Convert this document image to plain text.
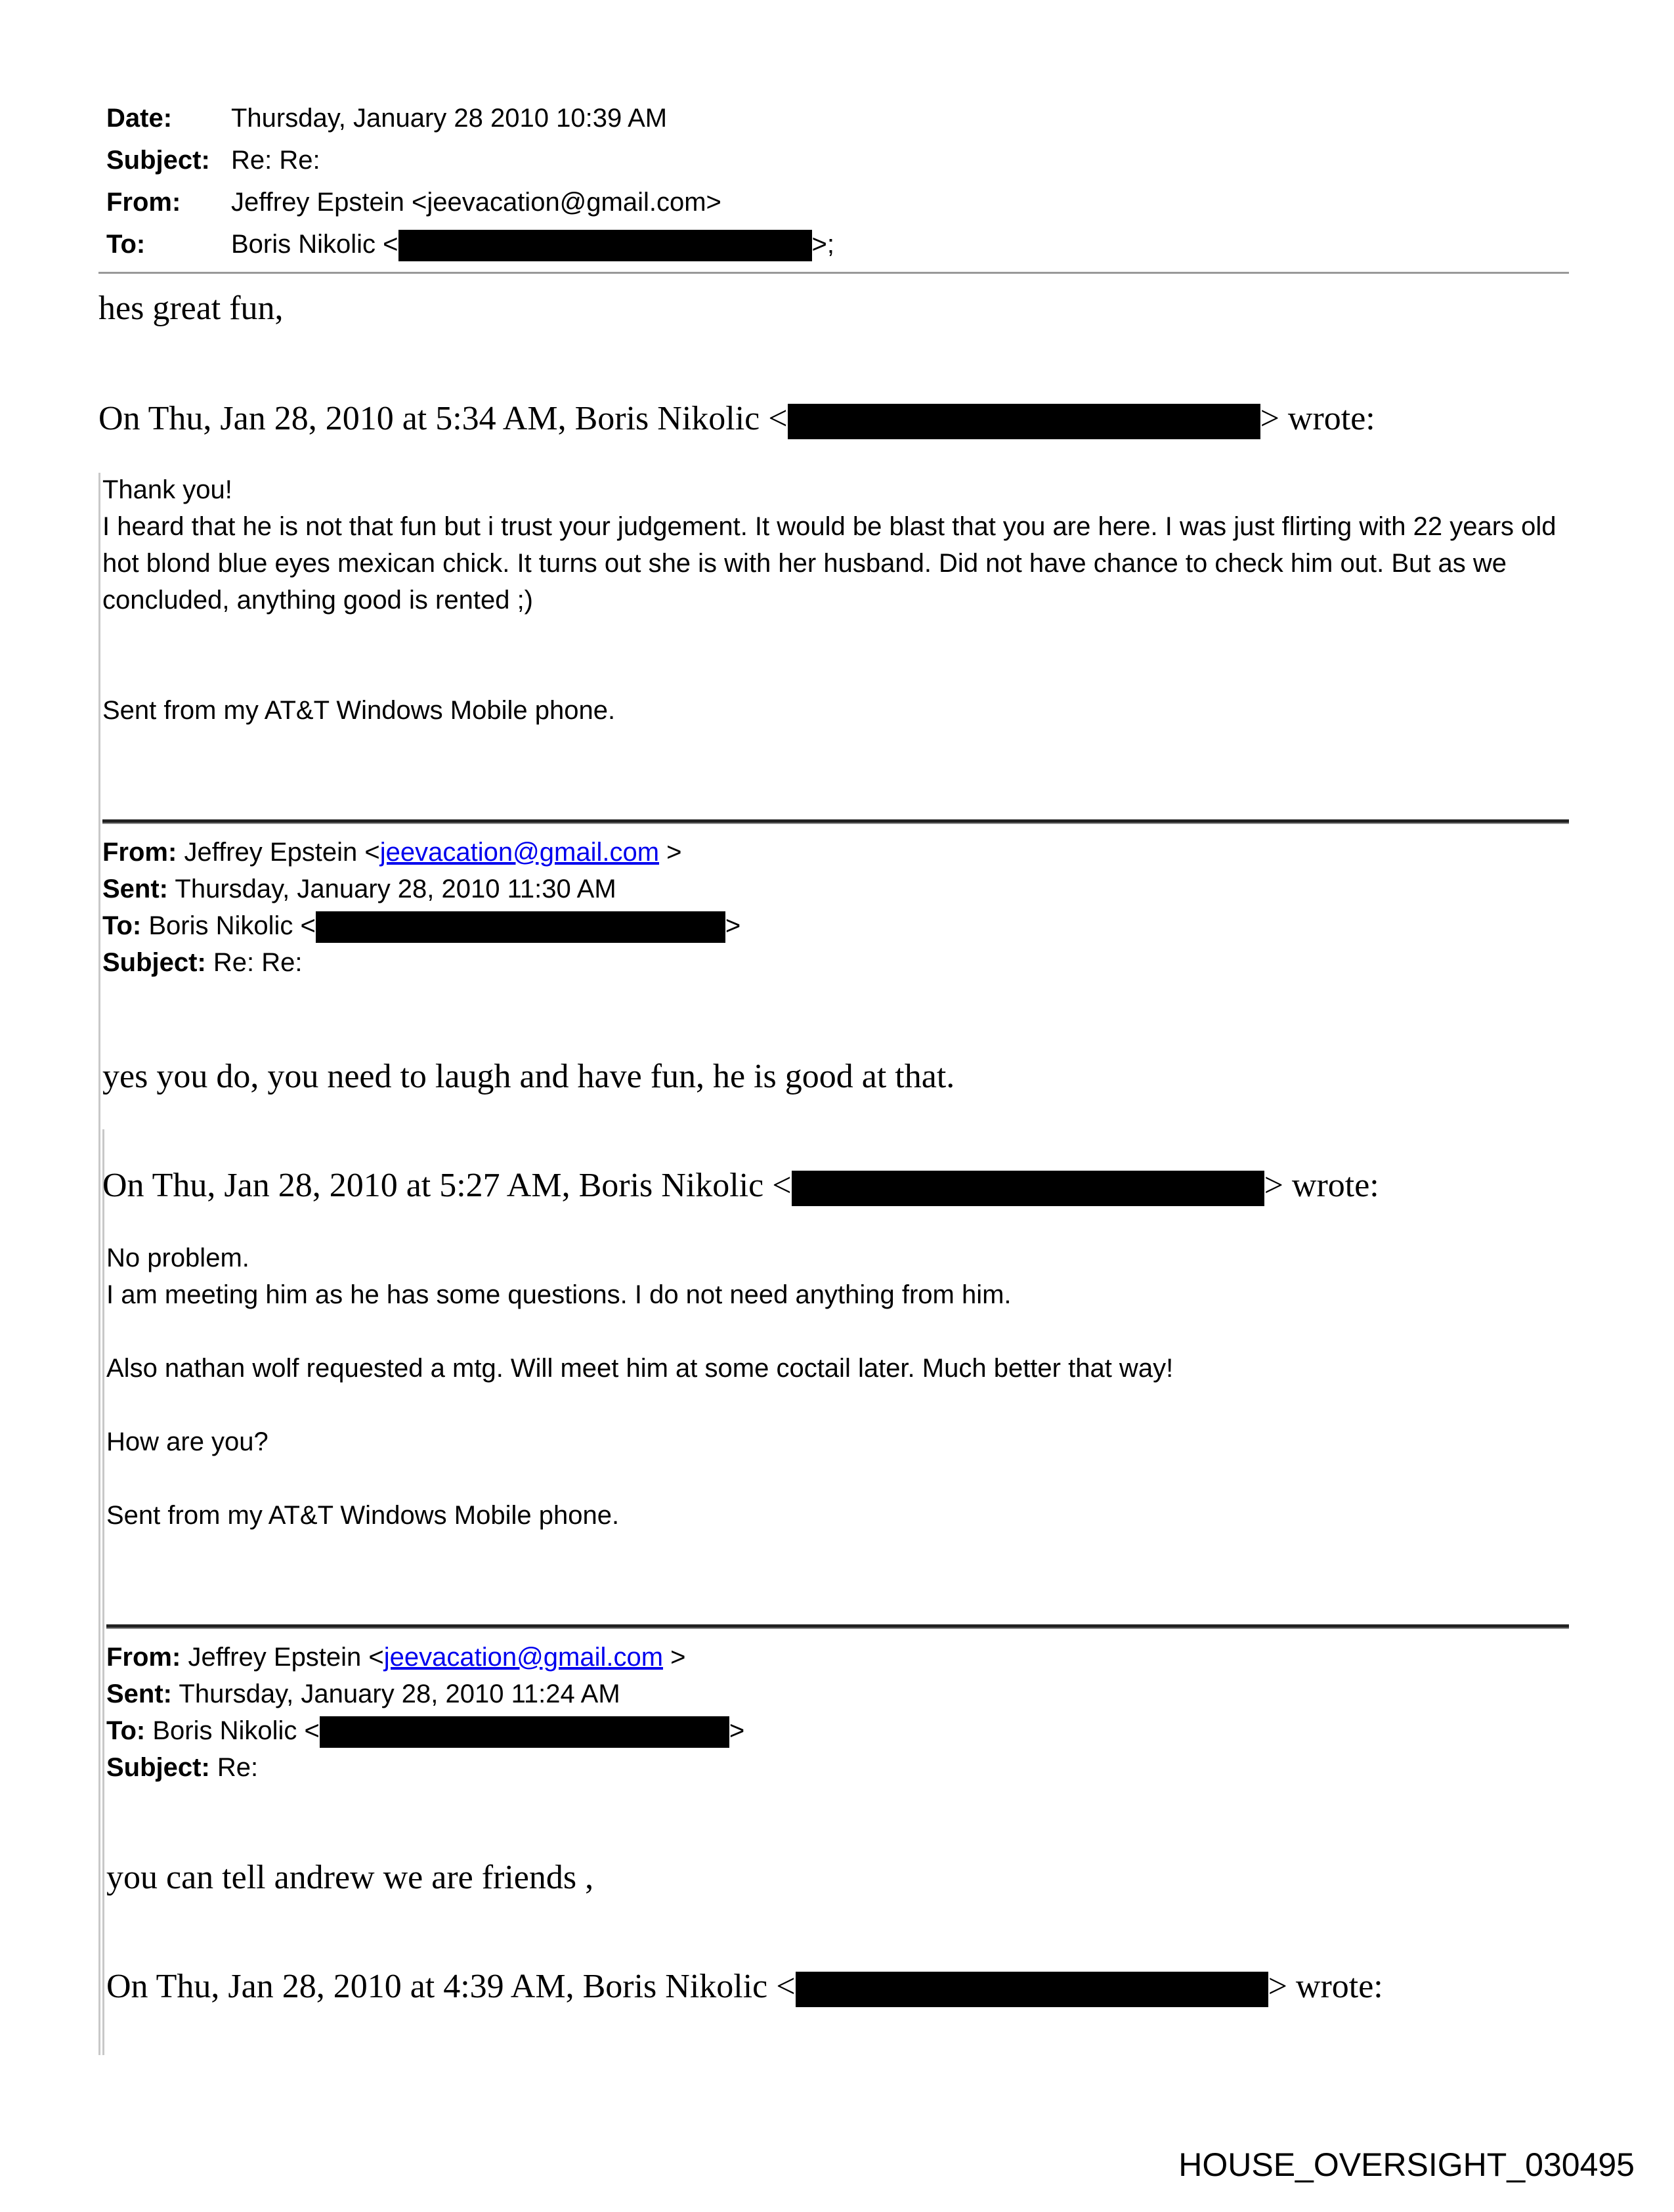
Date: Thursday, January 28 2010 10:39 AM
Subject: Re: Re:
From: Jeffrey Epstein <jeevacation@gmail.com>
To:	Boris Nikolic <	>;
hes great fun,
On Thu, Jan 28, 2010 at 5:34 AM, Boris Nikolic <	> wrote:
Thank you!
I heard that he is not that fun but i trust your judgement. It would be blast that you are here. I was just flirting with 22 years old
hot blond blue eyes mexican chick. It turns out she is with her husband. Did not have chance to check him out. But as we
concluded, anything good is rented ;)
Sent from my AT&T Windows Mobile phone.
From: Jeffrey Epstein <jeevacation@gmail.com >
Sent: Thursday, January 28, 2010 11:30 AM
To: Boris Nikolic <	>
Subject: Re: Re:
yes you do, you need to laugh and have fun, he is good at that.
On Thu, Jan 28, 2010 at 5:27 AM, Boris Nikolic <	> wrote:
No problem.
I am meeting him as he has some questions. I do not need anything from him.
Also nathan wolf requested a mtg. Will meet him at some coctail later. Much better that way!
How are you?
Sent from my AT&T Windows Mobile phone.
From: Jeffrey Epstein <jeevacation@gmail.com >
Sent: Thursday, January 28, 2010 11:24 AM
To: Boris Nikolic <	>
Subject: Re:
you can tell andrew we are friends ,
On Thu, Jan 28, 2010 at 4:39 AM, Boris Nikolic <	> wrote:
HOUSE_OVERSIGHT_030495
